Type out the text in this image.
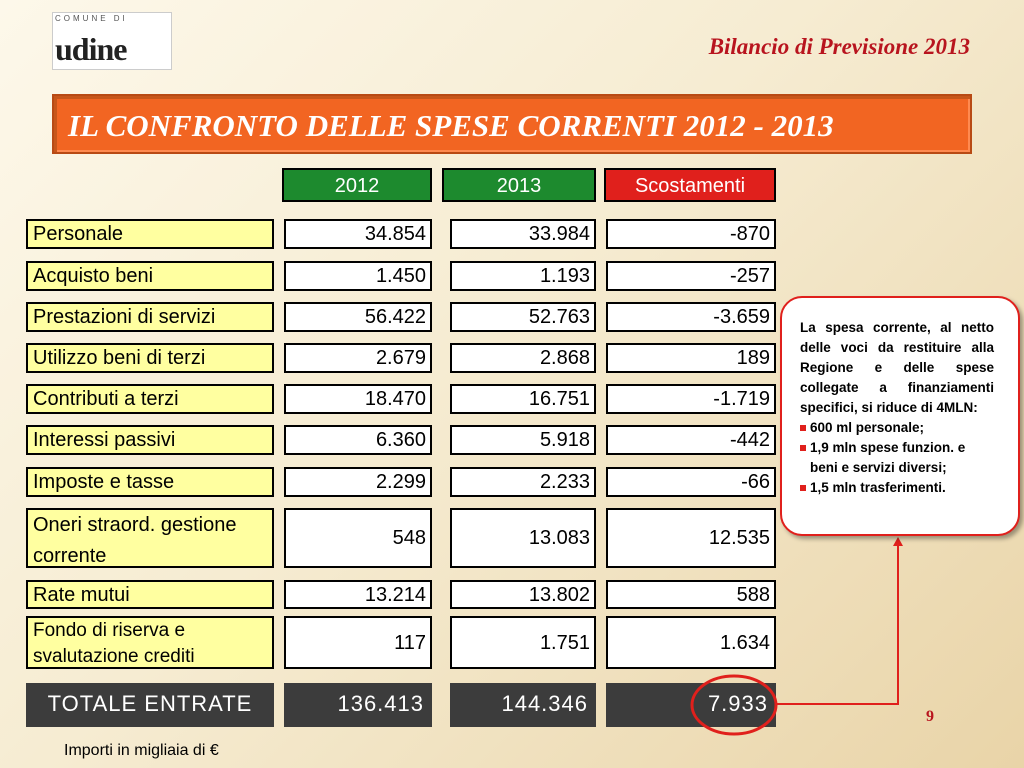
COMUNE DI
udine	Bilancio di Previsione 2013
IL CONFRONTO DELLE SPESE CORRENTI 2012 - 2013
2012	2013	Scostamenti
Personale	34.854	33.984	-870
Acquisto beni	1.450	1.193	-257
Prestazioni di servizi	56.422	52.763	-3.659
Utilizzo beni di terzi	2.679	2.868	189
Contributi a terzi	18.470	16.751	-1.719
Interessi passivi	6.360	5.918	-442
Imposte e tasse	2.299	2.233	-66
Oneri straord. gestione
corrente
548	13.083	12.535
Rate mutui	13.214	13.802	588
Fondo di riserva e
svalutazione crediti
117	1.751	1.634
TOTALE ENTRATE	136.413	144.346	7.933
La spesa corrente, al netto delle voci da restituire alla Regione e delle spese collegate a finanziamenti specifici, si riduce di 4MLN:
600 ml personale;
1,9 mln spese funzion. e beni e servizi diversi;
1,5 mln trasferimenti.
Importi in migliaia di €
9
